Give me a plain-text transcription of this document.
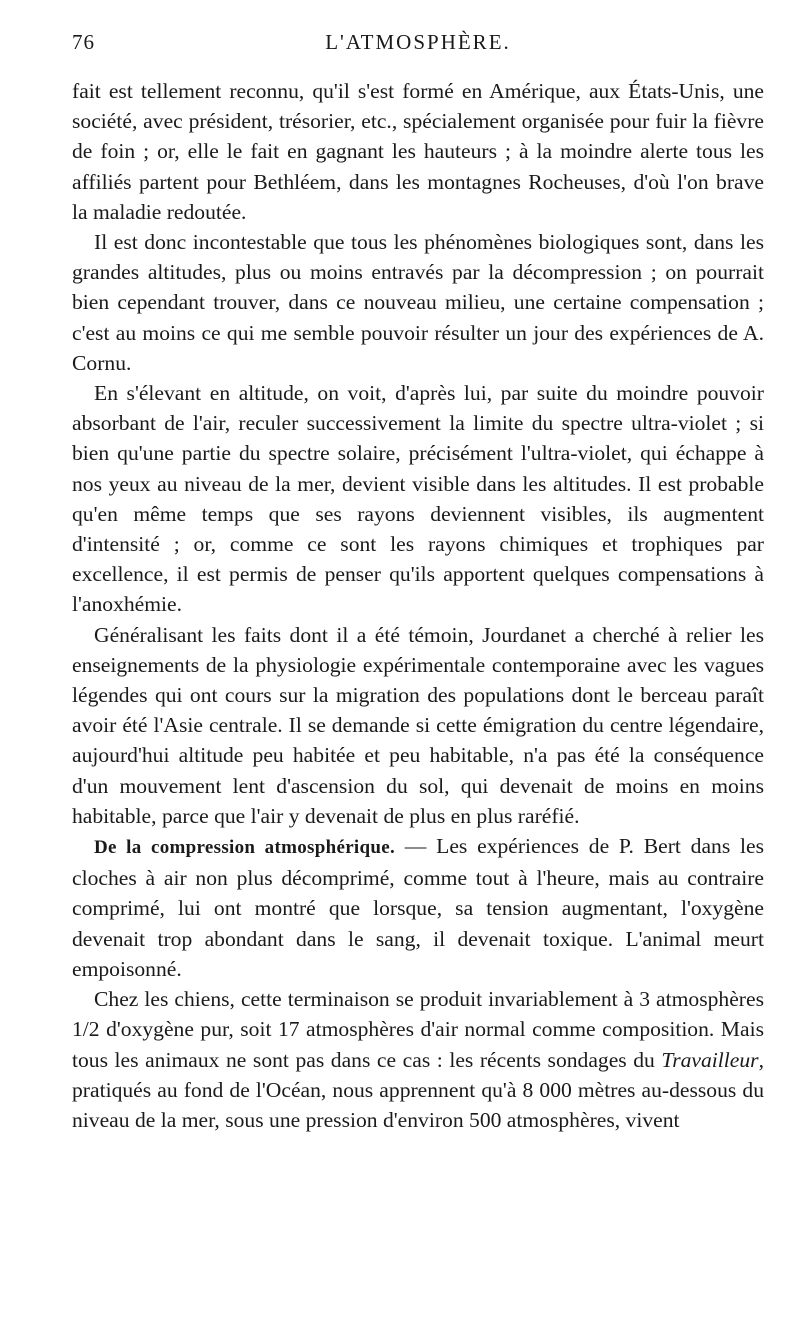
76	L'ATMOSPHÈRE.

fait est tellement reconnu, qu'il s'est formé en Amérique, aux États-Unis, une société, avec président, trésorier, etc., spécialement organisée pour fuir la fièvre de foin ; or, elle le fait en gagnant les hauteurs ; à la moindre alerte tous les affiliés partent pour Bethléem, dans les montagnes Rocheuses, d'où l'on brave la maladie redoutée.

Il est donc incontestable que tous les phénomènes biologiques sont, dans les grandes altitudes, plus ou moins entravés par la décompression ; on pourrait bien cependant trouver, dans ce nouveau milieu, une certaine compensation ; c'est au moins ce qui me semble pouvoir résulter un jour des expériences de A. Cornu.

En s'élevant en altitude, on voit, d'après lui, par suite du moindre pouvoir absorbant de l'air, reculer successivement la limite du spectre ultra-violet ; si bien qu'une partie du spectre solaire, précisément l'ultra-violet, qui échappe à nos yeux au niveau de la mer, devient visible dans les altitudes. Il est probable qu'en même temps que ses rayons deviennent visibles, ils augmentent d'intensité ; or, comme ce sont les rayons chimiques et trophiques par excellence, il est permis de penser qu'ils apportent quelques compensations à l'anoxhémie.

Généralisant les faits dont il a été témoin, Jourdanet a cherché à relier les enseignements de la physiologie expérimentale contemporaine avec les vagues légendes qui ont cours sur la migration des populations dont le berceau paraît avoir été l'Asie centrale. Il se demande si cette émigration du centre légendaire, aujourd'hui altitude peu habitée et peu habitable, n'a pas été la conséquence d'un mouvement lent d'ascension du sol, qui devenait de moins en moins habitable, parce que l'air y devenait de plus en plus raréfié.

De la compression atmosphérique. — Les expériences de P. Bert dans les cloches à air non plus décomprimé, comme tout à l'heure, mais au contraire comprimé, lui ont montré que lorsque, sa tension augmentant, l'oxygène devenait trop abondant dans le sang, il devenait toxique. L'animal meurt empoisonné.

Chez les chiens, cette terminaison se produit invariablement à 3 atmosphères 1/2 d'oxygène pur, soit 17 atmosphères d'air normal comme composition. Mais tous les animaux ne sont pas dans ce cas : les récents sondages du Travailleur, pratiqués au fond de l'Océan, nous apprennent qu'à 8 000 mètres au-dessous du niveau de la mer, sous une pression d'environ 500 atmosphères, vivent
